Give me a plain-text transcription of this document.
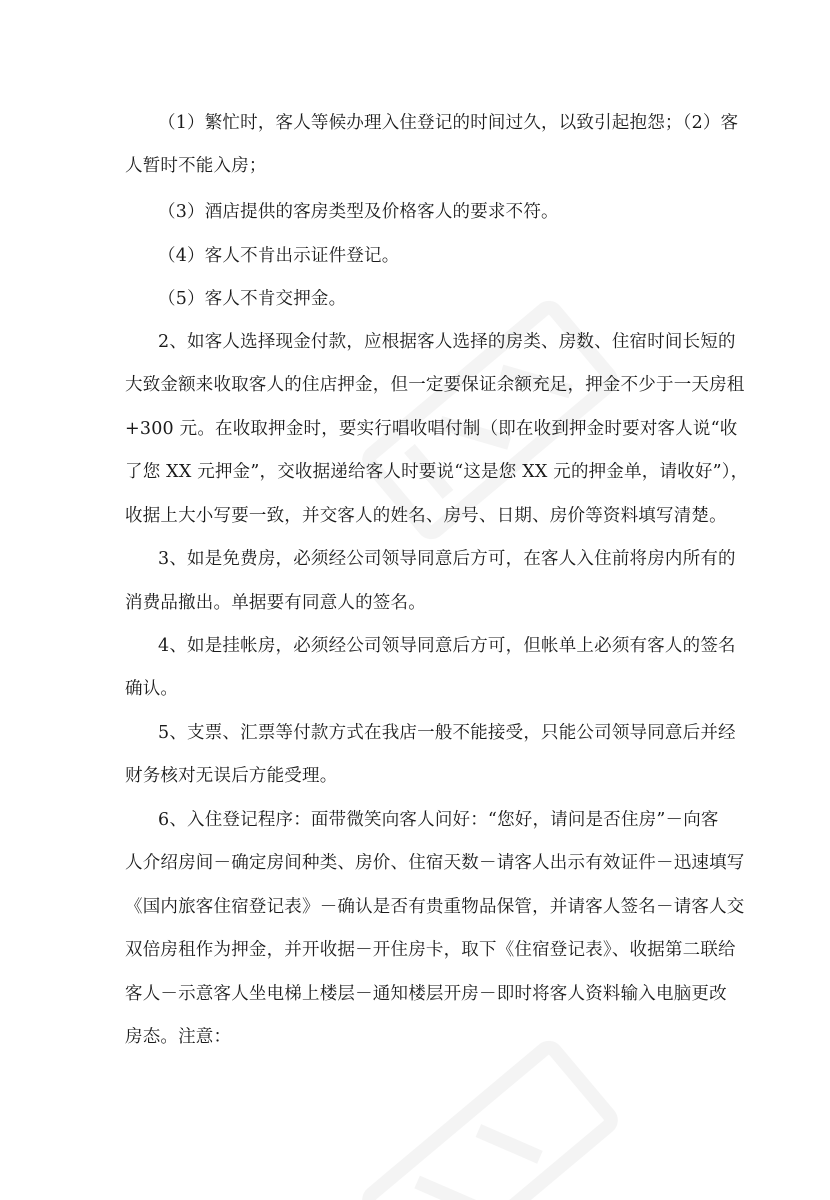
（1）繁忙时，客人等候办理入住登记的时间过久，以致引起抱怨；（2）客
人暂时不能入房；
（3）酒店提供的客房类型及价格客人的要求不符。
（4）客人不肯出示证件登记。
（5）客人不肯交押金。
2、如客人选择现金付款，应根据客人选择的房类、房数、住宿时间长短的
大致金额来收取客人的住店押金，但一定要保证余额充足，押金不少于一天房租
+300 元。在收取押金时，要实行唱收唱付制（即在收到押金时要对客人说“收
了您 XX 元押金”，交收据递给客人时要说“这是您 XX 元的押金单，请收好”），
收据上大小写要一致，并交客人的姓名、房号、日期、房价等资料填写清楚。
3、如是免费房，必须经公司领导同意后方可，在客人入住前将房内所有的
消费品撤出。单据要有同意人的签名。
4、如是挂帐房，必须经公司领导同意后方可，但帐单上必须有客人的签名
确认。
5、支票、汇票等付款方式在我店一般不能接受，只能公司领导同意后并经
财务核对无误后方能受理。
6、入住登记程序：面带微笑向客人问好：“您好，请问是否住房”－向客
人介绍房间－确定房间种类、房价、住宿天数－请客人出示有效证件－迅速填写
《国内旅客住宿登记表》－确认是否有贵重物品保管，并请客人签名－请客人交
双倍房租作为押金，并开收据－开住房卡，取下《住宿登记表》、收据第二联给
客人－示意客人坐电梯上楼层－通知楼层开房－即时将客人资料输入电脑更改
房态。注意：
